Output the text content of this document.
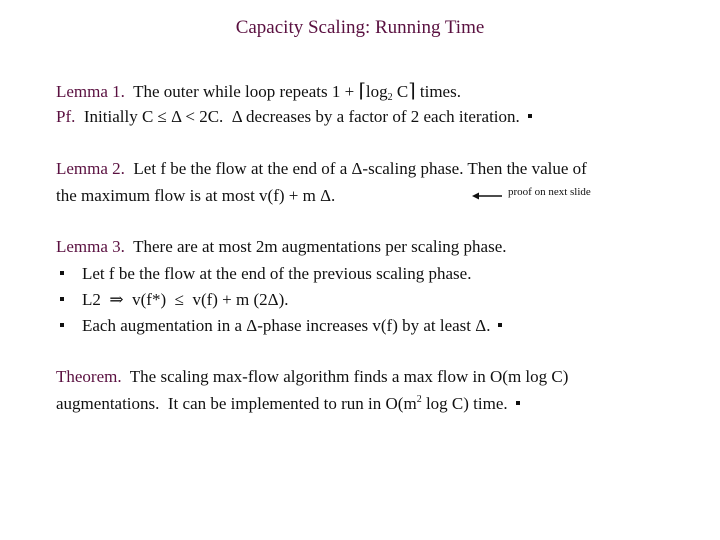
Capacity Scaling: Running Time
Lemma 1.  The outer while loop repeats $1 + ⌈\log_2$ C⌉ times.
Pf.  Initially C ≤ Δ < 2C.  Δ decreases by a factor of 2 each iteration.
Lemma 2.  Let f be the flow at the end of a Δ-scaling phase. Then the value of
the maximum flow is at most v(f) + m Δ.	proof on next slide
Lemma 3.  There are at most 2m augmentations per scaling phase.
Let f be the flow at the end of the previous scaling phase.
L2  ⇒  v(f*)  ≤  v(f) + m (2Δ).
Each augmentation in a Δ-phase increases v(f) by at least Δ.
Theorem.  The scaling max-flow algorithm finds a max flow in O(m log C)
augmentations.  It can be implemented to run in $O(m^2$ log C) time.
